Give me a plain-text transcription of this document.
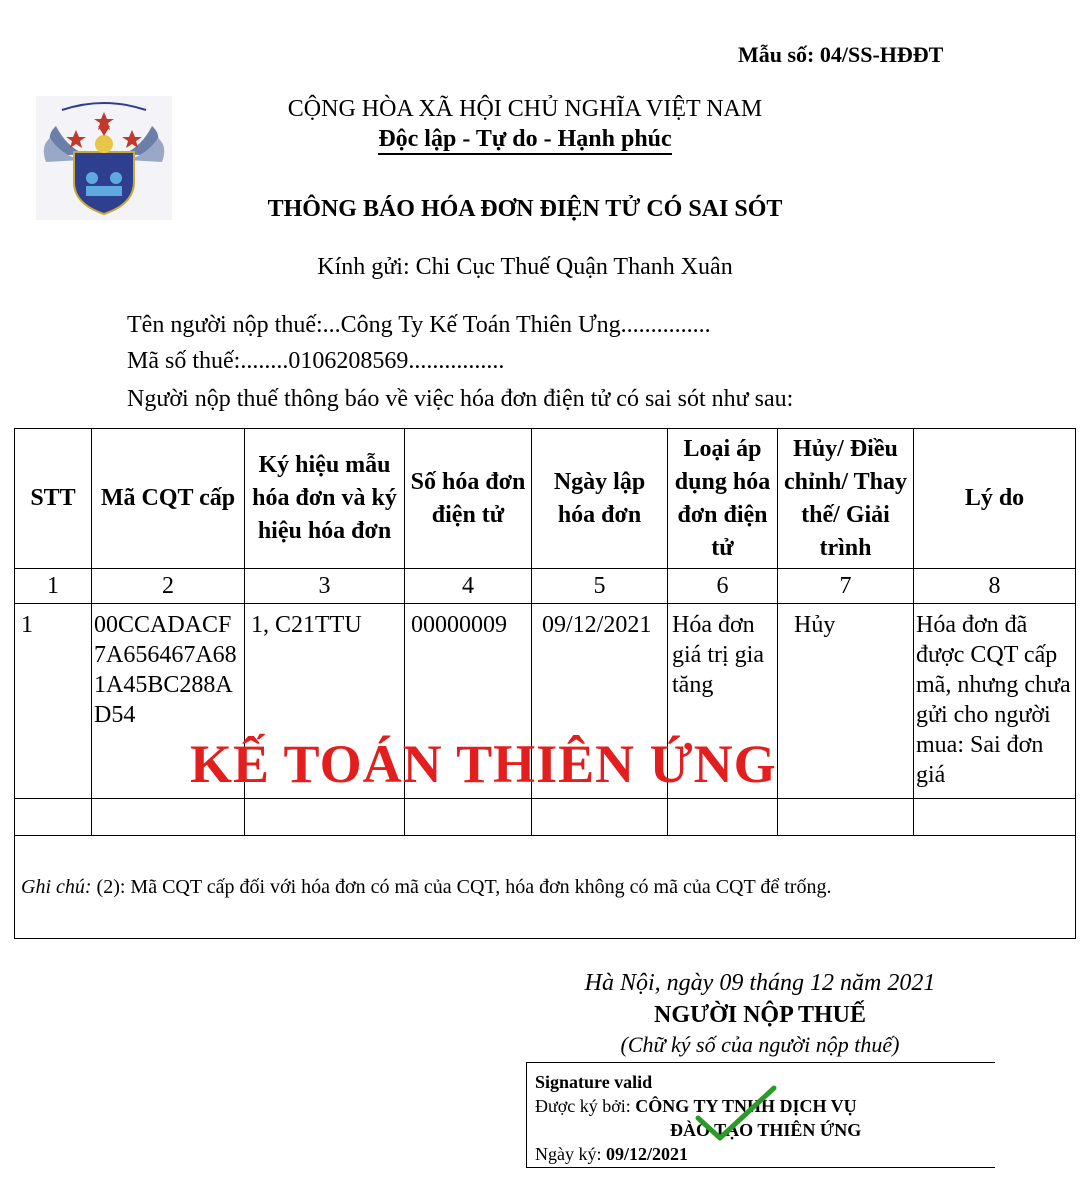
Mẫu số: 04/SS-HĐĐT
CỘNG HÒA XÃ HỘI CHỦ NGHĨA VIỆT NAM
Độc lập - Tự do - Hạnh phúc
THÔNG BÁO HÓA ĐƠN ĐIỆN TỬ CÓ SAI SÓT
Kính gửi: Chi Cục Thuế Quận Thanh Xuân
Tên người nộp thuế:...Công Ty Kế Toán Thiên Ưng...............
Mã số thuế:........0106208569................
Người nộp thuế thông báo về việc hóa đơn điện tử có sai sót như sau:
STT	Mã CQT cấp	Ký hiệu mẫu hóa đơn và ký hiệu hóa đơn	Số hóa đơn điện tử	Ngày lập hóa đơn	Loại áp dụng hóa đơn điện tử	Hủy/ Điều chỉnh/ Thay thế/ Giải trình	Lý do
1	2	3	4	5	6	7	8
1	00CCADACF7A656467A681A45BC288AD54	1, C21TTU	00000009	09/12/2021	Hóa đơn giá trị gia tăng	Hủy	Hóa đơn đã được CQT cấp mã, nhưng chưa gửi cho người mua: Sai đơn giá

Ghi chú: (2): Mã CQT cấp đối với hóa đơn có mã của CQT, hóa đơn không có mã của CQT để trống.							
KẾ TOÁN THIÊN ỨNG
Hà Nội, ngày 09 tháng 12 năm 2021
NGƯỜI NỘP THUẾ
(Chữ ký số của người nộp thuế)
Signature valid
Được ký bởi: CÔNG TY TNHH DỊCH VỤ
ĐÀO TẠO THIÊN ỨNG
Ngày ký: 09/12/2021
